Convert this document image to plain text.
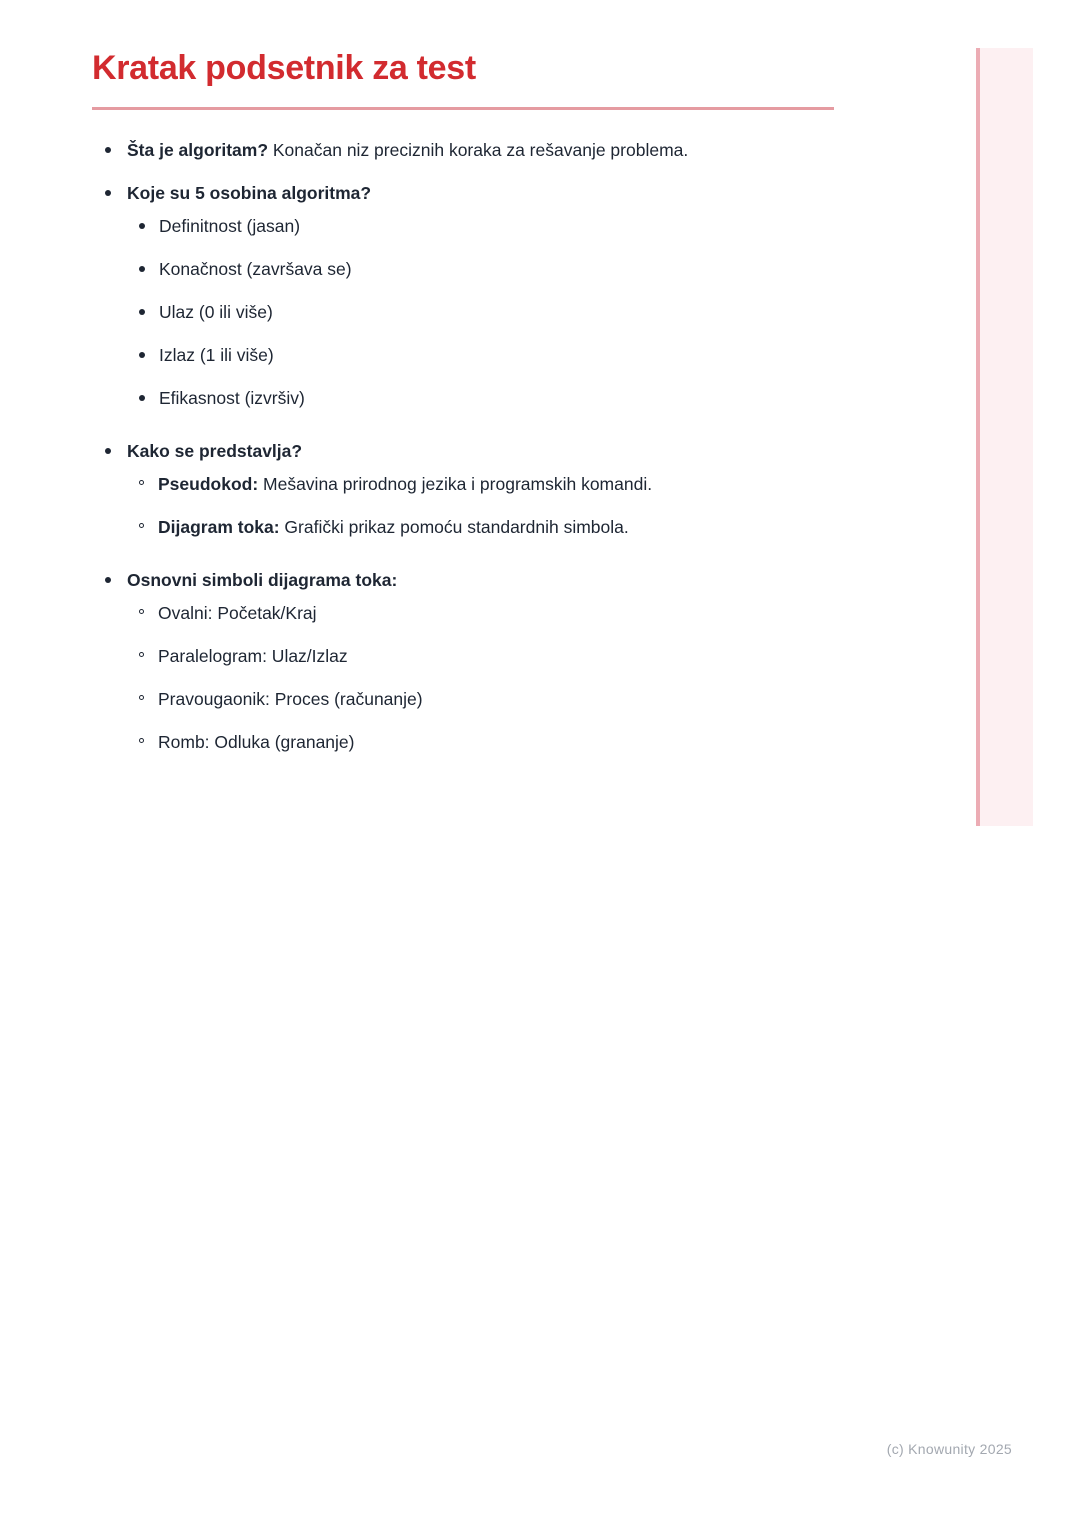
Kratak podsetnik za test
Šta je algoritam? Konačan niz preciznih koraka za rešavanje problema.
Koje su 5 osobina algoritma?
Definitnost (jasan)
Konačnost (završava se)
Ulaz (0 ili više)
Izlaz (1 ili više)
Efikasnost (izvršiv)
Kako se predstavlja?
Pseudokod: Mešavina prirodnog jezika i programskih komandi.
Dijagram toka: Grafički prikaz pomoću standardnih simbola.
Osnovni simboli dijagrama toka:
Ovalni: Početak/Kraj
Paralelogram: Ulaz/Izlaz
Pravougaonik: Proces (računanje)
Romb: Odluka (grananje)
(c) Knowunity 2025
